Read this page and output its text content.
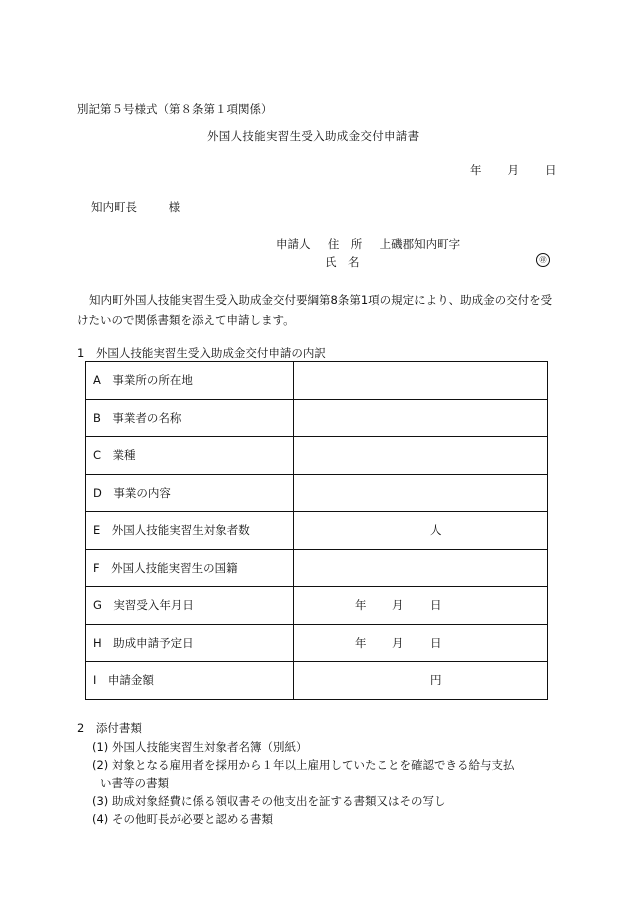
別記第５号様式（第８条第１項関係）
外国人技能実習生受入助成金交付申請書
年 月 日
知内町長	様
申請人 住　所 上磯郡知内町字
氏　名	㊞
知内町外国人技能実習生受入助成金交付要綱第8条第1項の規定により、助成金の交付を受けたいので関係書類を添えて申請します。
1　外国人技能実習生受入助成金交付申請の内訳
A　事業所の所在地	
B　事業者の名称	
C　業種	
D　事業の内容	
E　外国人技能実習生対象者数	人

F　外国人技能実習生の国籍	
G　実習受入年月日	年 月 日

H　助成申請予定日	年 月 日

I　申請金額	円
2　添付書類
(1) 外国人技能実習生対象者名簿（別紙）
(2) 対象となる雇用者を採用から１年以上雇用していたことを確認できる給与支払
い書等の書類
(3) 助成対象経費に係る領収書その他支出を証する書類又はその写し
(4) その他町長が必要と認める書類
